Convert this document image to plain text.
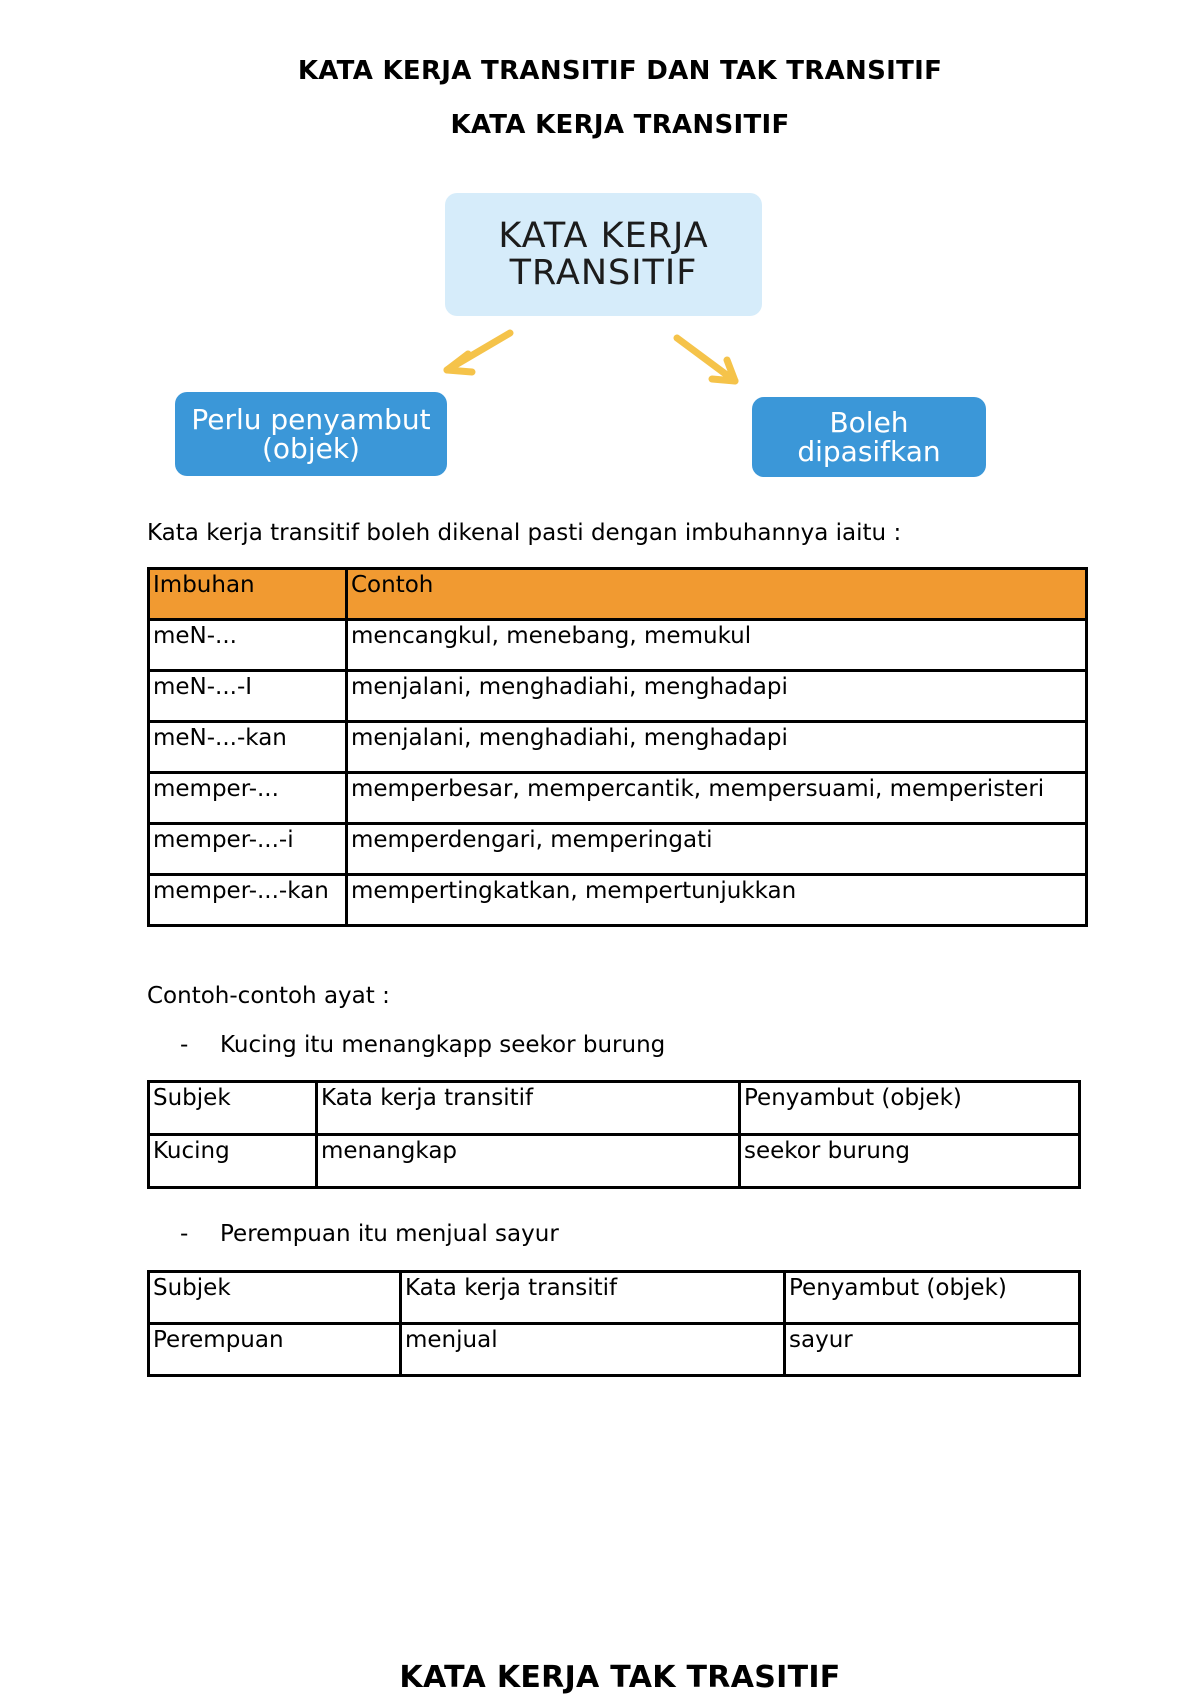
KATA KERJA TRANSITIF DAN TAK TRANSITIF
KATA KERJA TRANSITIF
KATA KERJA
TRANSITIF
Perlu penyambut
(objek)
Boleh
dipasifkan
Kata kerja transitif boleh dikenal pasti dengan imbuhannya iaitu :
Imbuhan	Contoh
meN-...	mencangkul, menebang, memukul
meN-...-I	menjalani, menghadiahi, menghadapi
meN-...-kan	menjalani, menghadiahi, menghadapi
memper-...	memperbesar, mempercantik, mempersuami, memperisteri
memper-...-i	memperdengari, memperingati
memper-...-kan	mempertingkatkan, mempertunjukkan
Contoh-contoh ayat :
- Kucing itu menangkapp seekor burung
Subjek	Kata kerja transitif	Penyambut (objek)
Kucing	menangkap	seekor burung
- Perempuan itu menjual sayur
Subjek	Kata kerja transitif	Penyambut (objek)
Perempuan	menjual	sayur
KATA KERJA TAK TRASITIF
